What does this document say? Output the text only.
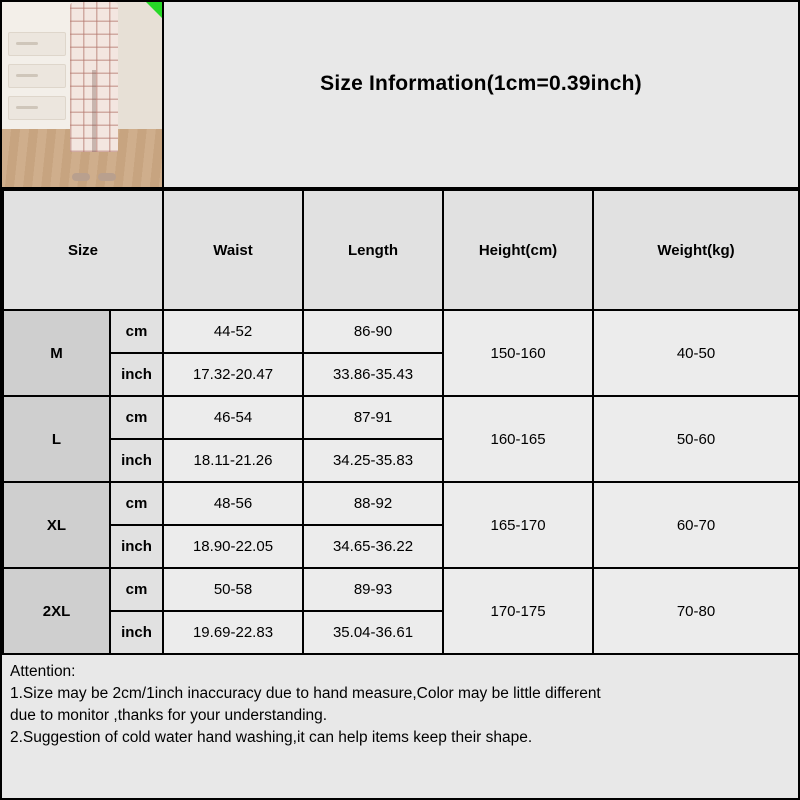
Size Information(1cm=0.39inch)
Size		Waist	Length	Height(cm)	Weight(kg)
M	cm	44-52	86-90	150-160	40-50
	inch	17.32-20.47	33.86-35.43		
L	cm	46-54	87-91	160-165	50-60
	inch	18.11-21.26	34.25-35.83		
XL	cm	48-56	88-92	165-170	60-70
	inch	18.90-22.05	34.65-36.22		
2XL	cm	50-58	89-93	170-175	70-80
	inch	19.69-22.83	35.04-36.61		
Attention:
1.Size may be 2cm/1inch inaccuracy due to hand measure,Color may be little different
due to monitor ,thanks for your understanding.
2.Suggestion of cold water hand washing,it can help items keep their shape.
